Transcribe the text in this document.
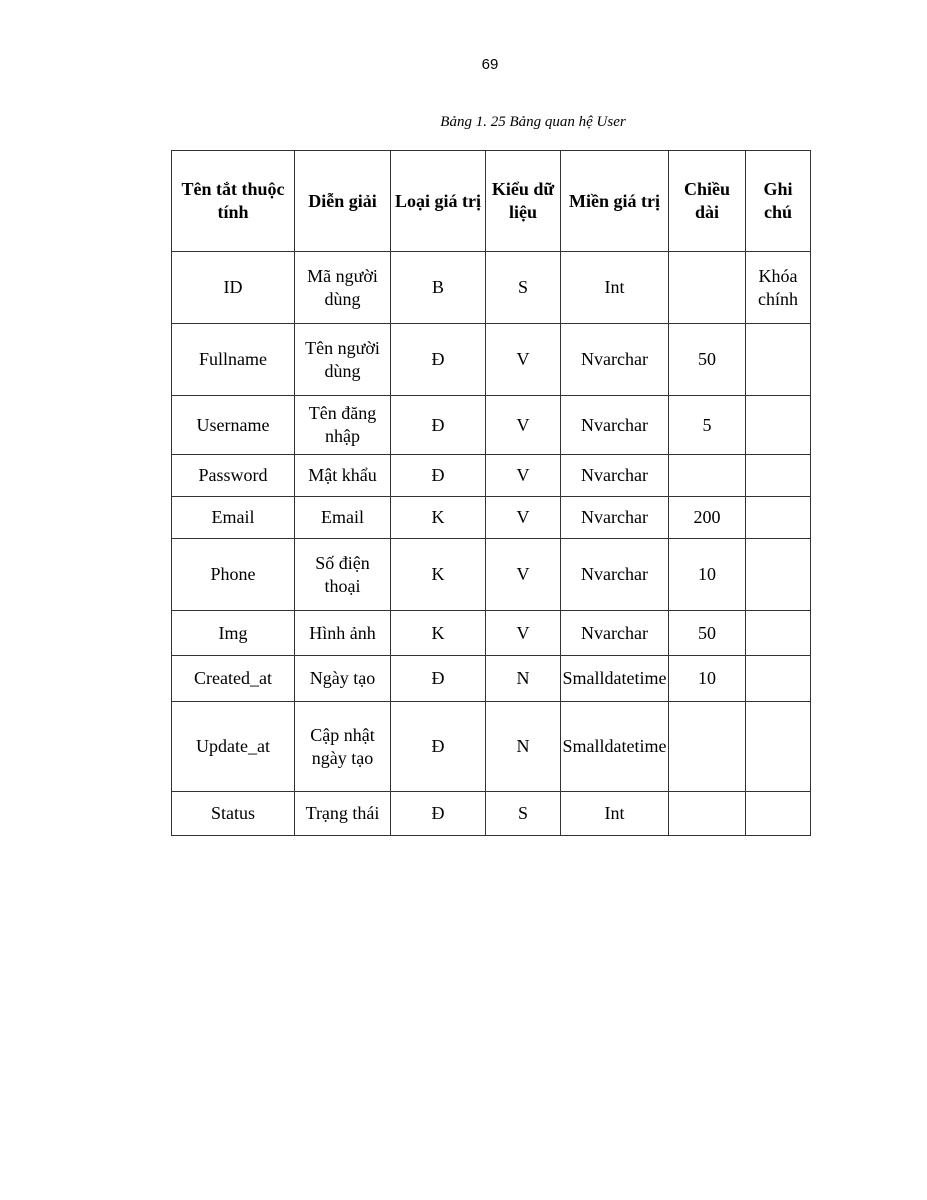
69
Bảng 1. 25 Bảng quan hệ User
Tên tắt thuộc tính	Diễn giải	Loại giá trị	Kiểu dữ liệu	Miền giá trị	Chiều dài	Ghi chú
ID	Mã người dùng	B	S	Int		Khóa chính
Fullname	Tên người dùng	Đ	V	Nvarchar	50	
Username	Tên đăng nhập	Đ	V	Nvarchar	5	
Password	Mật khẩu	Đ	V	Nvarchar		
Email	Email	K	V	Nvarchar	200	
Phone	Số điện thoại	K	V	Nvarchar	10	
Img	Hình ảnh	K	V	Nvarchar	50	
Created_at	Ngày tạo	Đ	N	Smalldatetime	10	
Update_at	Cập nhật ngày tạo	Đ	N	Smalldatetime		
Status	Trạng thái	Đ	S	Int		
